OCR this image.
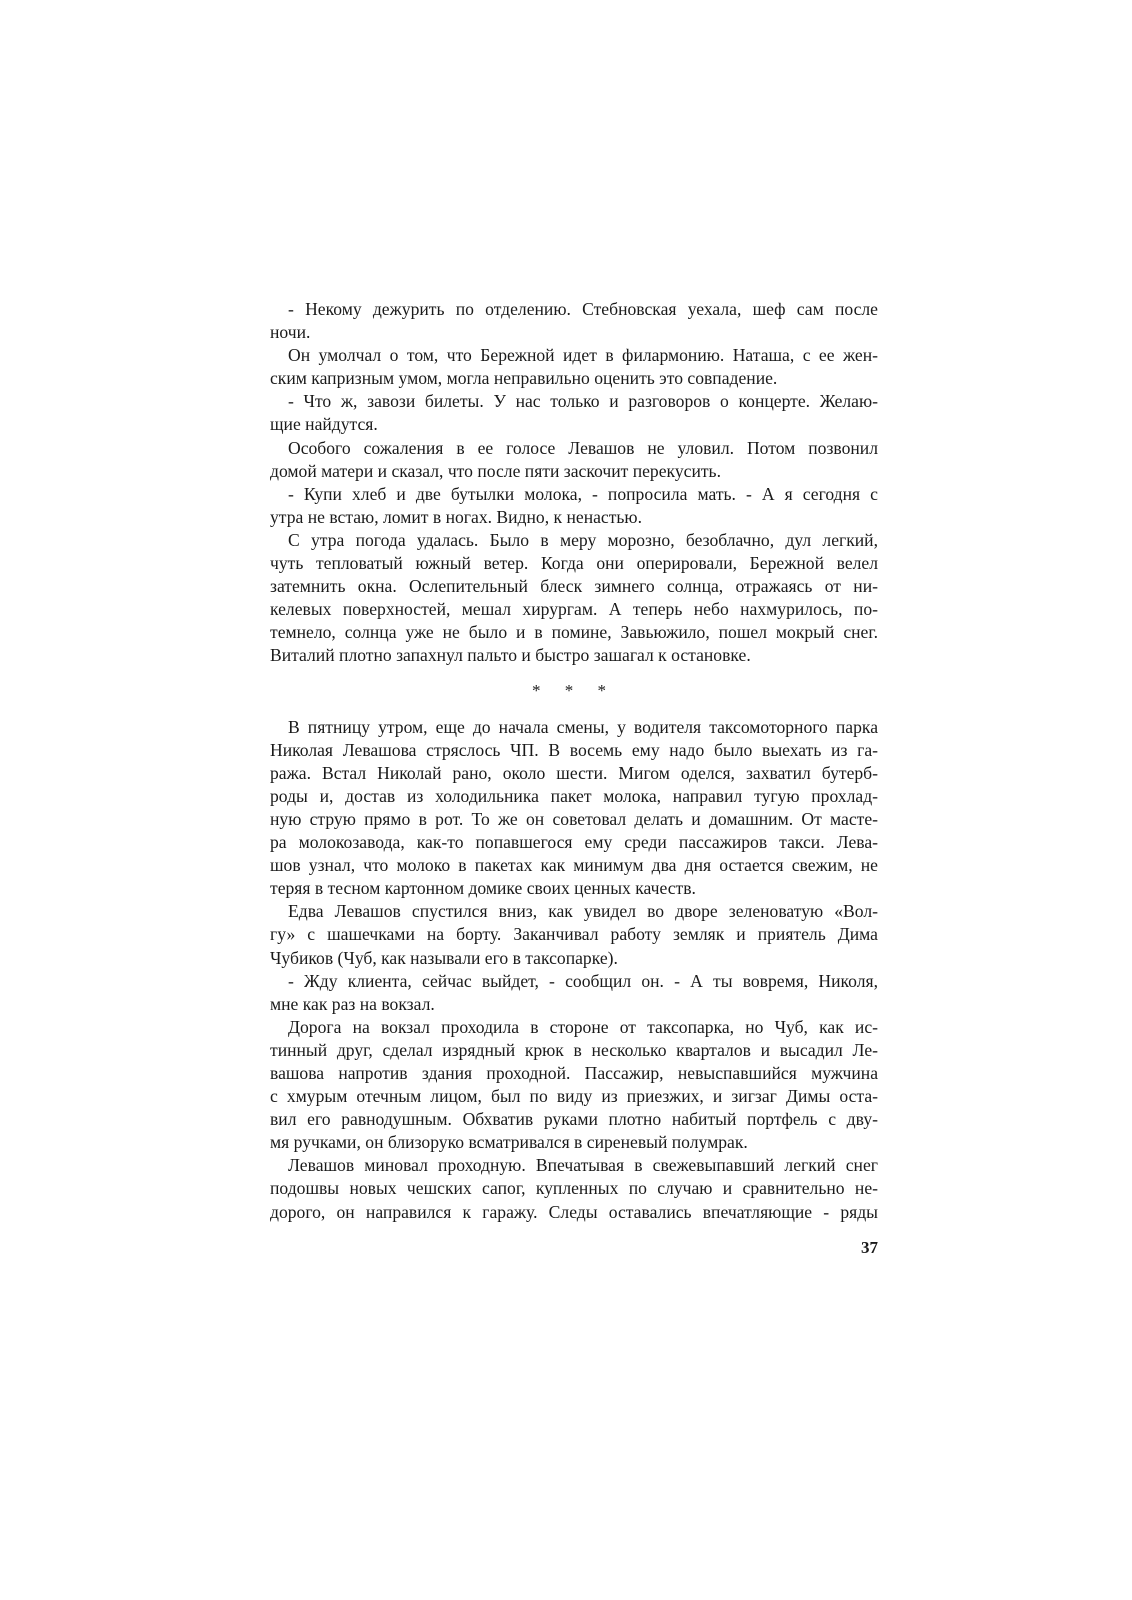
- Некому дежурить по отделению. Стебновская уехала, шеф сам после
ночи.
Он умолчал о том, что Бережной идет в филармонию. Наташа, с ее жен-
ским капризным умом, могла неправильно оценить это совпадение.
- Что ж, завози билеты. У нас только и разговоров о концерте. Желаю-
щие найдутся.
Особого сожаления в ее голосе Левашов не уловил. Потом позвонил
домой матери и сказал, что после пяти заскочит перекусить.
- Купи хлеб и две бутылки молока, - попросила мать. - А я сегодня с
утра не встаю, ломит в ногах. Видно, к ненастью.
С утра погода удалась. Было в меру морозно, безоблачно, дул легкий,
чуть тепловатый южный ветер. Когда они оперировали, Бережной велел
затемнить окна. Ослепительный блеск зимнего солнца, отражаясь от ни-
келевых поверхностей, мешал хирургам. А теперь небо нахмурилось, по-
темнело, солнца уже не было и в помине, Завьюжило, пошел мокрый снег.
Виталий плотно запахнул пальто и быстро зашагал к остановке.
* * *
В пятницу утром, еще до начала смены, у водителя таксомоторного парка
Николая Левашова стряслось ЧП. В восемь ему надо было выехать из га-
ража. Встал Николай рано, около шести. Мигом оделся, захватил бутерб-
роды и, достав из холодильника пакет молока, направил тугую прохлад-
ную струю прямо в рот. То же он советовал делать и домашним. От масте-
ра молокозавода, как-то попавшегося ему среди пассажиров такси. Лева-
шов узнал, что молоко в пакетах как минимум два дня остается свежим, не
теряя в тесном картонном домике своих ценных качеств.
Едва Левашов спустился вниз, как увидел во дворе зеленоватую «Вол-
гу» с шашечками на борту. Заканчивал работу земляк и приятель Дима
Чубиков (Чуб, как называли его в таксопарке).
- Жду клиента, сейчас выйдет, - сообщил он. - А ты вовремя, Николя,
мне как раз на вокзал.
Дорога на вокзал проходила в стороне от таксопарка, но Чуб, как ис-
тинный друг, сделал изрядный крюк в несколько кварталов и высадил Ле-
вашова напротив здания проходной. Пассажир, невыспавшийся мужчина
с хмурым отечным лицом, был по виду из приезжих, и зигзаг Димы оста-
вил его равнодушным. Обхватив руками плотно набитый портфель с дву-
мя ручками, он близоруко всматривался в сиреневый полумрак.
Левашов миновал проходную. Впечатывая в свежевыпавший легкий снег
подошвы новых чешских сапог, купленных по случаю и сравнительно не-
дорого, он направился к гаражу. Следы оставались впечатляющие - ряды
37
